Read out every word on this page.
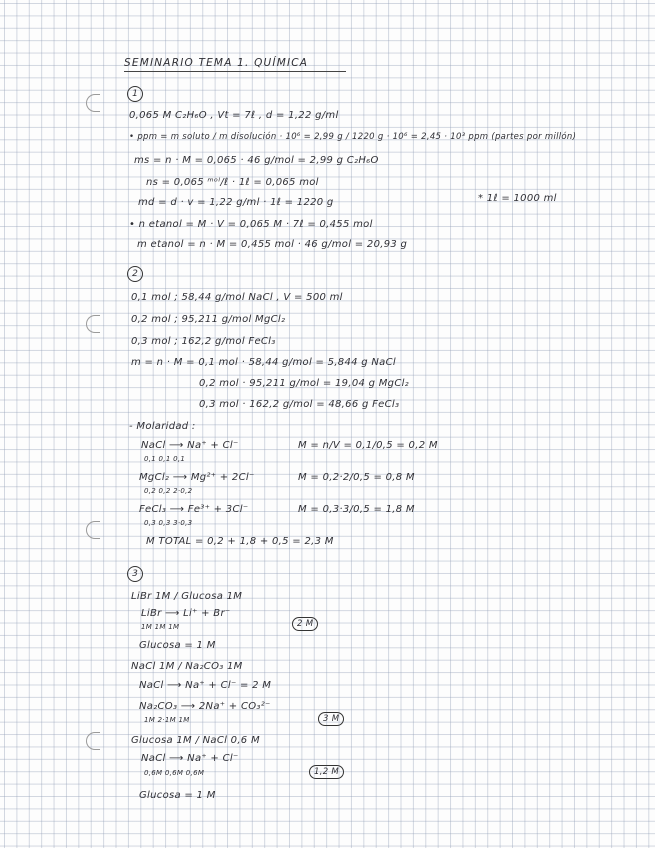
SEMINARIO TEMA 1. QUÍMICA
1
0,065 M C₂H₆O , Vt = 7ℓ , d = 1,22 g/ml
• ppm = m soluto / m disolución · 10⁶ = 2,99 g / 1220 g · 10⁶ = 2,45 · 10³ ppm (partes por millón)
ms = n · M = 0,065 · 46 g/mol = 2,99 g C₂H₆O
ns = 0,065 ᵐᵒˡ/ℓ · 1ℓ = 0,065 mol
md = d · v = 1,22 g/ml · 1ℓ = 1220 g	* 1ℓ = 1000 ml
• n etanol = M · V = 0,065 M · 7ℓ = 0,455 mol
m etanol = n · M = 0,455 mol · 46 g/mol = 20,93 g
2
0,1 mol ; 58,44 g/mol NaCl , V = 500 ml
0,2 mol ; 95,211 g/mol MgCl₂
0,3 mol ; 162,2 g/mol FeCl₃
m = n · M = 0,1 mol · 58,44 g/mol = 5,844 g NaCl
0,2 mol · 95,211 g/mol = 19,04 g MgCl₂
0,3 mol · 162,2 g/mol = 48,66 g FeCl₃
- Molaridad :
NaCl ⟶ Na⁺ + Cl⁻
0,1 0,1 0,1
M = n/V = 0,1/0,5 = 0,2 M
MgCl₂ ⟶ Mg²⁺ + 2Cl⁻
0,2 0,2 2·0,2
M = 0,2·2/0,5 = 0,8 M
FeCl₃ ⟶ Fe³⁺ + 3Cl⁻
0,3 0,3 3·0,3
M = 0,3·3/0,5 = 1,8 M
M TOTAL = 0,2 + 1,8 + 0,5 = 2,3 M
3
LiBr 1M / Glucosa 1M
LiBr ⟶ Li⁺ + Br⁻
1M 1M 1M	2 M
Glucosa = 1 M
NaCl 1M / Na₂CO₃ 1M
NaCl ⟶ Na⁺ + Cl⁻ = 2 M
Na₂CO₃ ⟶ 2Na⁺ + CO₃²⁻
1M 2·1M 1M	3 M
Glucosa 1M / NaCl 0,6 M
NaCl ⟶ Na⁺ + Cl⁻
0,6M 0,6M 0,6M	1,2 M
Glucosa = 1 M
